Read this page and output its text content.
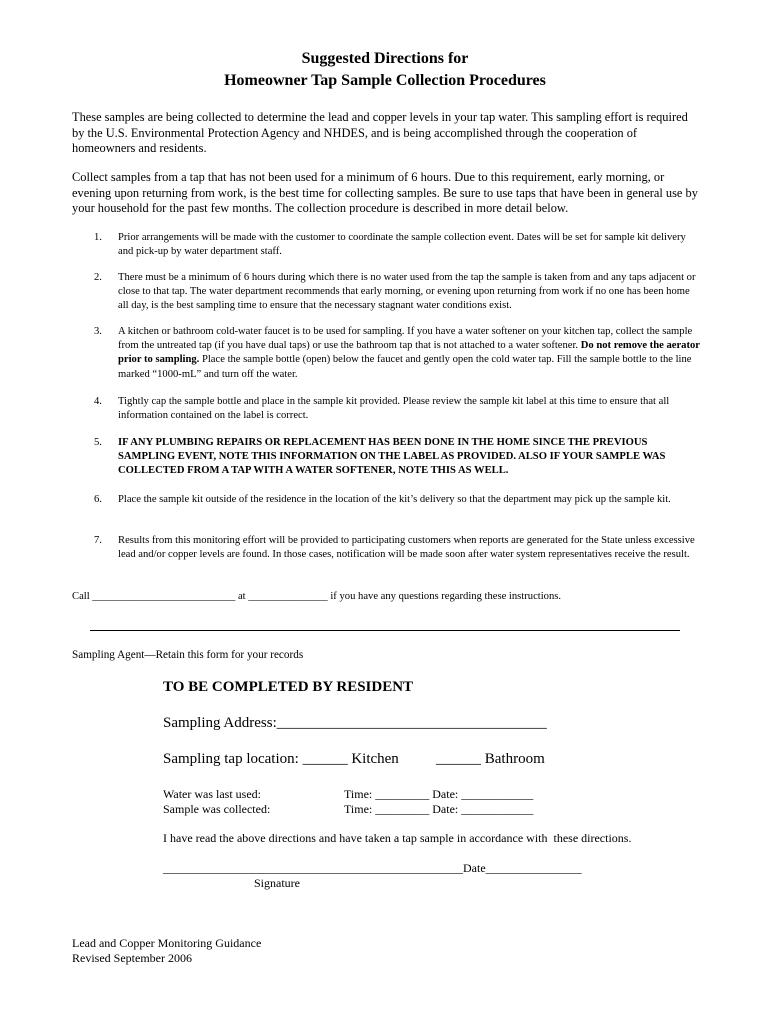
Suggested Directions for
Homeowner Tap Sample Collection Procedures
These samples are being collected to determine the lead and copper levels in your tap water. This sampling effort is required by the U.S. Environmental Protection Agency and NHDES, and is being accomplished through the cooperation of homeowners and residents.
Collect samples from a tap that has not been used for a minimum of 6 hours. Due to this requirement, early morning, or evening upon returning from work, is the best time for collecting samples. Be sure to use taps that have been in general use by your household for the past few months. The collection procedure is described in more detail below.
1. Prior arrangements will be made with the customer to coordinate the sample collection event. Dates will be set for sample kit delivery and pick-up by water department staff.
2. There must be a minimum of 6 hours during which there is no water used from the tap the sample is taken from and any taps adjacent or close to that tap. The water department recommends that early morning, or evening upon returning from work if no one has been home all day, is the best sampling time to ensure that the necessary stagnant water conditions exist.
3. A kitchen or bathroom cold-water faucet is to be used for sampling. If you have a water softener on your kitchen tap, collect the sample from the untreated tap (if you have dual taps) or use the bathroom tap that is not attached to a water softener. Do not remove the aerator prior to sampling. Place the sample bottle (open) below the faucet and gently open the cold water tap. Fill the sample bottle to the line marked “1000-mL” and turn off the water.
4. Tightly cap the sample bottle and place in the sample kit provided. Please review the sample kit label at this time to ensure that all information contained on the label is correct.
5. IF ANY PLUMBING REPAIRS OR REPLACEMENT HAS BEEN DONE IN THE HOME SINCE THE PREVIOUS SAMPLING EVENT, NOTE THIS INFORMATION ON THE LABEL AS PROVIDED. ALSO IF YOUR SAMPLE WAS COLLECTED FROM A TAP WITH A WATER SOFTENER, NOTE THIS AS WELL.
6. Place the sample kit outside of the residence in the location of the kit’s delivery so that the department may pick up the sample kit.
7. Results from this monitoring effort will be provided to participating customers when reports are generated for the State unless excessive lead and/or copper levels are found. In those cases, notification will be made soon after water system representatives receive the result.
Call ___________________________ at _______________ if you have any questions regarding these instructions.
Sampling Agent—Retain this form for your records
TO BE COMPLETED BY RESIDENT
Sampling Address:____________________________________
Sampling tap location: ______ Kitchen ______ Bathroom
Water was last used:	Time: _________ Date: ____________
Sample was collected:	Time: _________ Date: ____________
I have read the above directions and have taken a tap sample in accordance with  these directions.
__________________________________________________Date________________
Signature
Lead and Copper Monitoring Guidance
Revised September 2006
